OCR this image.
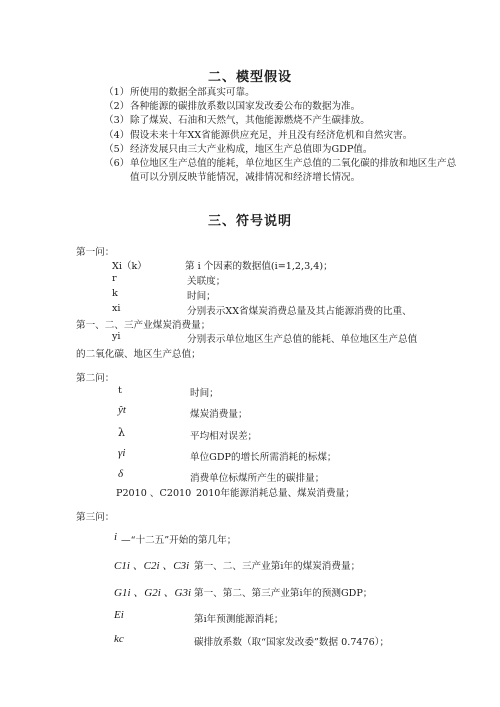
二、模型假设
（1） 所使用的数据全部真实可靠。
（2） 各种能源的碳排放系数以国家发改委公布的数据为准。
（3） 除了煤炭、石油和天然气，其他能源燃烧不产生碳排放。
（4） 假设未来十年XX省能源供应充足，并且没有经济危机和自然灾害。
（5） 经济发展只由三大产业构成，地区生产总值即为GDP值。
（6） 单位地区生产总值的能耗，单位地区生产总值的二氧化碳的排放和地区生产总值可以分别反映节能情况，减排情况和经济增长情况。
三、符号说明
第一问：
Xi（k）	第 i 个因素的数据值(i=1,2,3,4)；
r	关联度；
k	时间；
xi	分别表示XX省煤炭消费总量及其占能源消费的比重、
第一、二、三产业煤炭消费量；
yi	分别表示单位地区生产总值的能耗、单位地区生产总值
的二氧化碳、地区生产总值；
第二问：
t	时间；
ŷt	煤炭消费量；
λ	平均相对误差；
γi	单位GDP的增长所需消耗的标煤；
δ	消费单位标煤所产生的碳排量；
P2010 、C2010 2010年能源消耗总量、煤炭消费量；
第三问：
i —“十二五”开始的第几年；
C1i 、C2i 、C3i 第一、二、三产业第i年的煤炭消费量；
G1i 、G2i 、G3i 第一、第二、第三产业第i年的预测GDP；
Ei	第i年预测能源消耗；
kc	碳排放系数（取“国家发改委”数据 0.7476）；
